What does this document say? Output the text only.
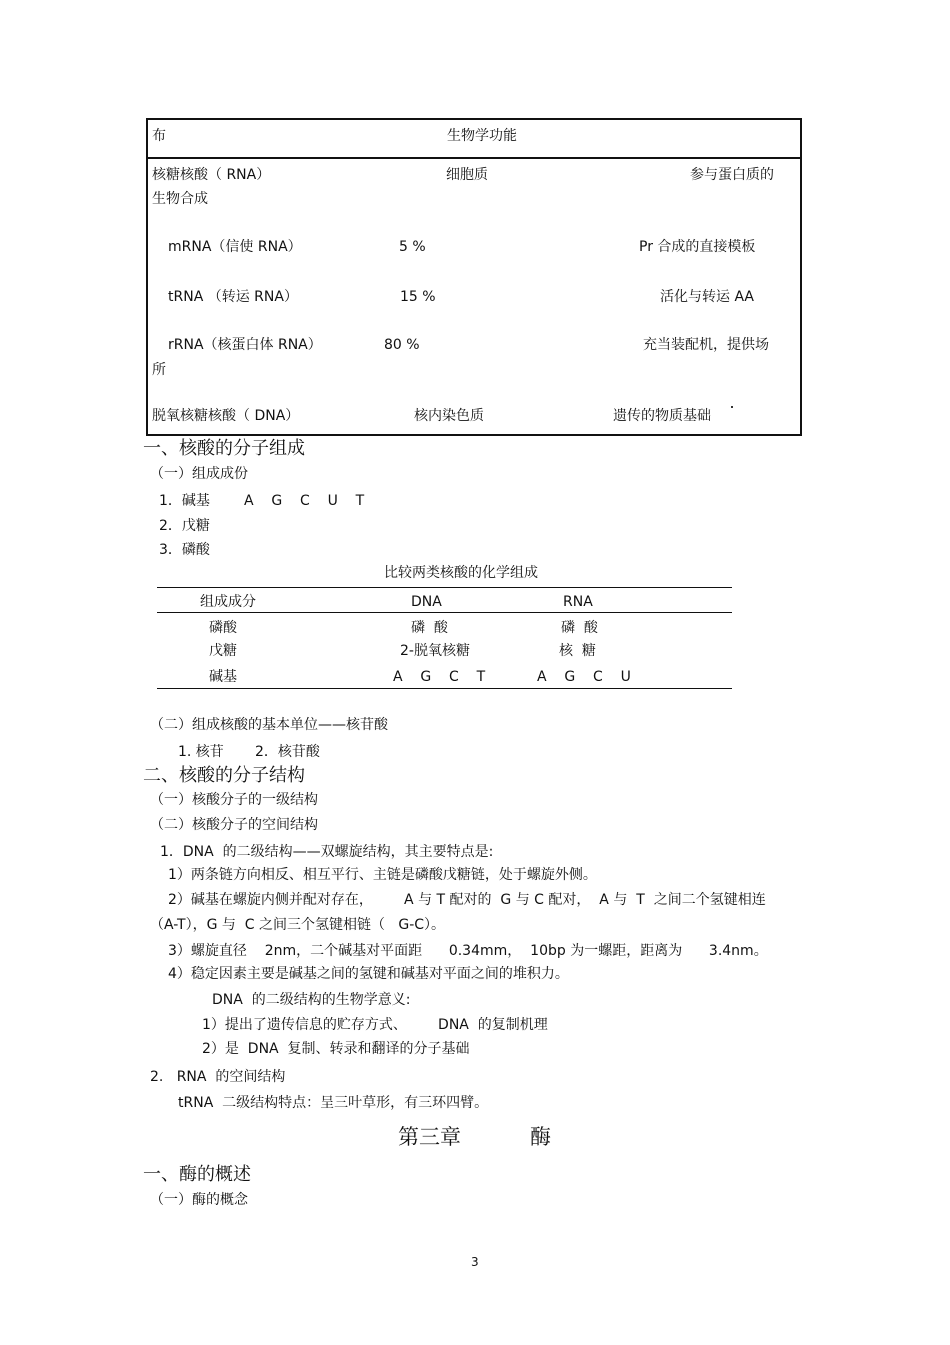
布	生物学功能
核糖核酸（ RNA）	细胞质	参与蛋白质的
生物合成
mRNA（信使 RNA）	5 %	Pr 合成的直接模板
tRNA （转运 RNA）	15 %	活化与转运 AA
rRNA（核蛋白体 RNA）	80 %	充当装配机，提供场
所
脱氧核糖核酸（ DNA）	核内染色质	遗传的物质基础
一、核酸的分子组成
（一）组成成份
1．碱基 A    G    C    U    T
2．戊糖
3．磷酸
比较两类核酸的化学组成
组成成分	DNA	RNA
磷酸	磷  酸	磷  酸
戊糖	2-脱氧核糖	核  糖
碱基	A    G    C    T	A    G    C    U
（二）组成核酸的基本单位——核苷酸
1. 核苷       2．核苷酸
二、核酸的分子结构
（一）核酸分子的一级结构
（二）核酸分子的空间结构
1．DNA  的二级结构——双螺旋结构，其主要特点是:
1）两条链方向相反、相互平行、主链是磷酸戊糖链，处于螺旋外侧。
2）碱基在螺旋内侧并配对存在，       A 与 T 配对的  G 与 C 配对，  A 与  T  之间二个氢键相连
（A-T），G 与  C 之间三个氢键相链（   G-C）。
3）螺旋直径    2nm，二个碱基对平面距      0.34mm，  10bp 为一螺距，距离为      3.4nm。
4）稳定因素主要是碱基之间的氢键和碱基对平面之间的堆积力。
DNA  的二级结构的生物学意义:
1）提出了遗传信息的贮存方式、       DNA  的复制机理
2）是  DNA  复制、转录和翻译的分子基础
2.   RNA  的空间结构
tRNA  二级结构特点：呈三叶草形，有三环四臂。
第三章	酶
一、酶的概述
（一）酶的概念
3
